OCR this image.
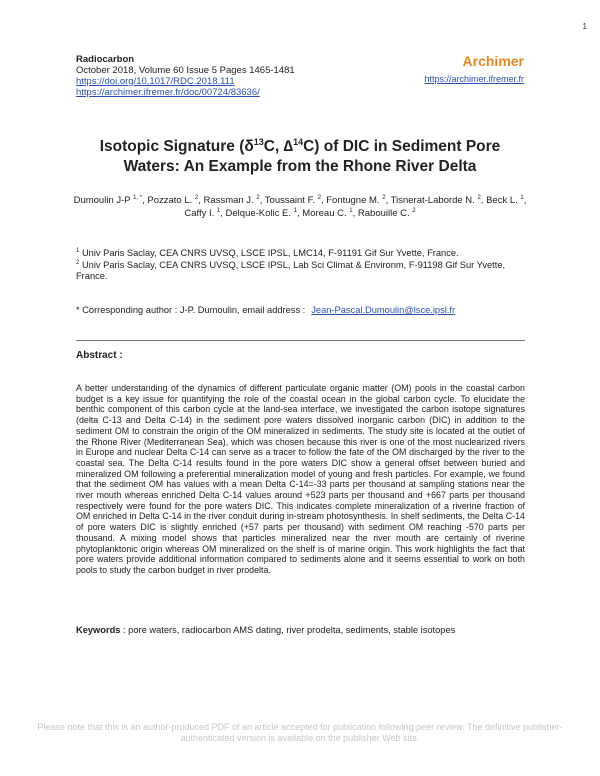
1
Radiocarbon
October 2018, Volume 60 Issue 5 Pages 1465-1481
https://doi.org/10.1017/RDC.2018.111
https://archimer.ifremer.fr/doc/00724/83636/
Archimer
https://archimer.ifremer.fr
Isotopic Signature ($\delta^{13}C$, ∆$^{14}$C) of DIC in Sediment Pore Waters: An Example from the Rhone River Delta
Dumoulin J-P $^{1, *}$, Pozzato L. $^2$, Rassman J. $^2$, Toussaint F. $^2$, Fontugne M. $^2$, Tisnerat-Laborde N. $^2$, Beck L. $^1$, Caffy I. $^1$, Delque-Kolic E. $^1$, Moreau C. $^1$, Rabouille C. $^2$

$^1$ Univ Paris Saclay, CEA CNRS UVSQ, LSCE IPSL, LMC14, F-91191 Gif Sur Yvette, France.

$^2$ Univ Paris Saclay, CEA CNRS UVSQ, LSCE IPSL, Lab Sci Climat & Environm, F-91198 Gif Sur Yvette, France.

* Corresponding author : J-P. Dumoulin, email address : Jean-Pascal.Dumoulin@lsce.ipsl.fr
Abstract :

A better understanding of the dynamics of different particulate organic matter (OM) pools in the coastal carbon budget is a key issue for quantifying the role of the coastal ocean in the global carbon cycle. To elucidate the benthic component of this carbon cycle at the land-sea interface, we investigated the carbon isotope signatures (delta C-13 and Delta C-14) in the sediment pore waters dissolved inorganic carbon (DIC) in addition to the sediment OM to constrain the origin of the OM mineralized in sediments. The study site is located at the outlet of the Rhone River (Mediterranean Sea), which was chosen because this river is one of the most nuclearized rivers in Europe and nuclear Delta C-14 can serve as a tracer to follow the fate of the OM discharged by the river to the coastal sea. The Delta C-14 results found in the pore waters DIC show a general offset between buried and mineralized OM following a preferential mineralization model of young and fresh particles. For example, we found that the sediment OM has values with a mean Delta C-14=-33 parts per thousand at sampling stations near the river mouth whereas enriched Delta C-14 values around +523 parts per thousand and +667 parts per thousand respectively were found for the pore waters DIC. This indicates complete mineralization of a riverine fraction of OM enriched in Delta C-14 in the river conduit during in-stream photosynthesis. In shelf sediments, the Delta C-14 of pore waters DIC is slightly enriched (+57 parts per thousand) with sediment OM reaching -570 parts per thousand. A mixing model shows that particles mineralized near the river mouth are certainly of riverine phytoplanktonic origin whereas OM mineralized on the shelf is of marine origin. This work highlights the fact that pore waters provide additional information compared to sediments alone and it seems essential to work on both pools to study the carbon budget in river prodelta.

Keywords : pore waters, radiocarbon AMS dating, river prodelta, sediments, stable isotopes
Please note that this is an author-produced PDF of an article accepted for publication following peer review. The definitive publisher-authenticated version is available on the publisher Web site.
